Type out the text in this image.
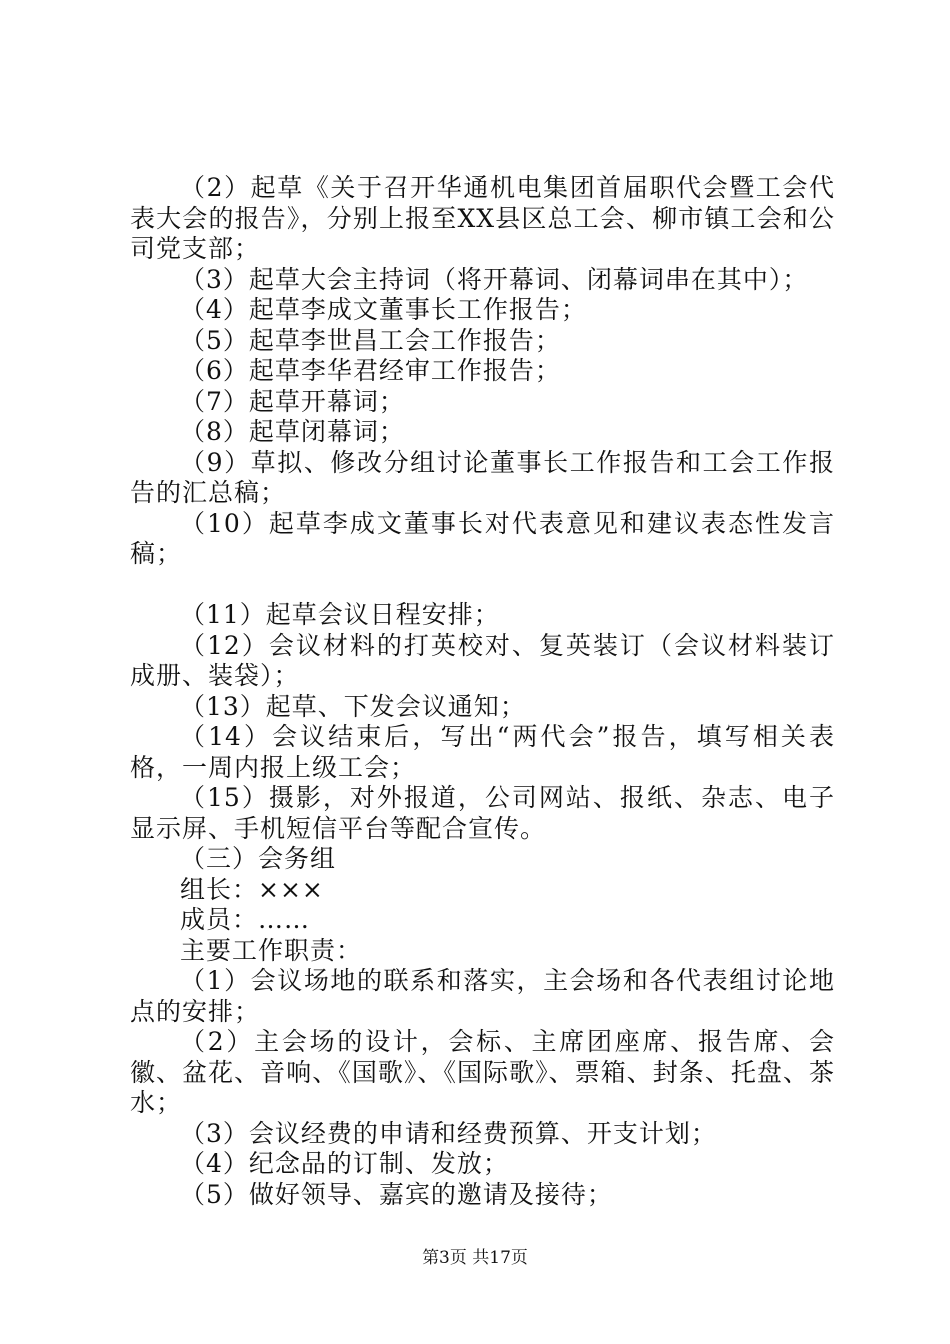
（2）起草《关于召开华通机电集团首届职代会暨工会代表大会的报告》，分别上报至XX县区总工会、柳市镇工会和公司党支部；

（3）起草大会主持词（将开幕词、闭幕词串在其中）；

（4）起草李成文董事长工作报告；

（5）起草李世昌工会工作报告；

（6）起草李华君经审工作报告；

（7）起草开幕词；

（8）起草闭幕词；

（9）草拟、修改分组讨论董事长工作报告和工会工作报告的汇总稿；

（10）起草李成文董事长对代表意见和建议表态性发言稿；

（11）起草会议日程安排；

（12）会议材料的打英校对、复英装订（会议材料装订成册、装袋）；

（13）起草、下发会议通知；

（14）会议结束后，写出“两代会”报告，填写相关表格，一周内报上级工会；

（15）摄影，对外报道，公司网站、报纸、杂志、电子显示屏、手机短信平台等配合宣传。

（三）会务组

组长：×××

成员：……

主要工作职责：

（1）会议场地的联系和落实，主会场和各代表组讨论地点的安排；

（2）主会场的设计，会标、主席团座席、报告席、会徽、盆花、音响、《国歌》、《国际歌》、票箱、封条、托盘、茶水；

（3）会议经费的申请和经费预算、开支计划；

（4）纪念品的订制、发放；

（5）做好领导、嘉宾的邀请及接待；

第3页 共17页
